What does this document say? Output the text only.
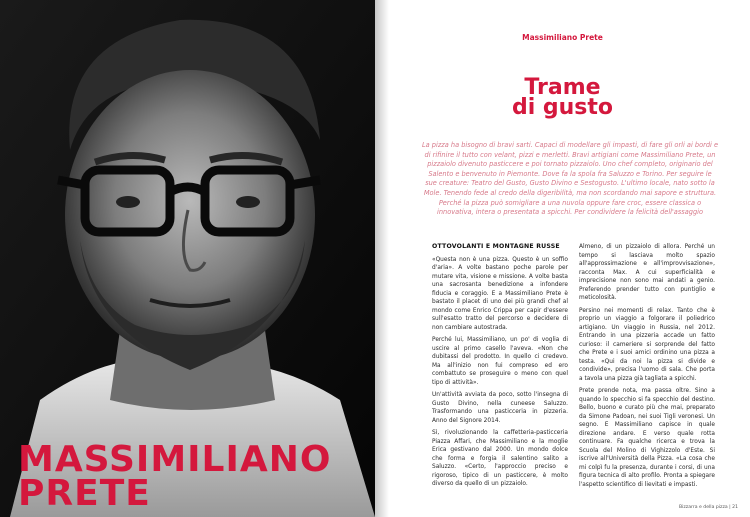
MASSIMILIANO
PRETE
Massimiliano Prete
Trame
di gusto

La pizza ha bisogno di bravi sarti. Capaci di modellare gli impasti, di fare gli orli ai bordi e di rifinire il tutto con velant, pizzi e merletti. Bravi artigiani come Massimiliano Prete, un pizzaiolo divenuto pasticcere e poi tornato pizzaiolo. Uno chef completo, originario del Salento e benvenuto in Piemonte. Dove fa la spola fra Saluzzo e Torino. Per seguire le sue creature: Teatro del Gusto, Gusto Divino e Sestogusto. L'ultimo locale, nato sotto la Mole. Tenendo fede al credo della digeribilità, ma non scordando mai sapore e struttura. Perché la pizza può somigliare a una nuvola oppure fare croc, essere classica o innovativa, intera o presentata a spicchi. Per condividere la felicità dell'assaggio

OTTOVOLANTI E MONTAGNE RUSSE

«Questa non è una pizza. Questo è un soffio d'aria». A volte bastano poche parole per mutare vita, visione e missione. A volte basta una sacrosanta benedizione a infondere fiducia e coraggio. E a Massimiliano Prete è bastato il placet di uno dei più grandi chef al mondo come Enrico Crippa per capir d'essere sull'esatto tratto del percorso e decidere di non cambiare autostrada.

Perché lui, Massimiliano, un po' di voglia di uscire al primo casello l'aveva. «Non che dubitassi del prodotto. In quello ci credevo. Ma all'inizio non fui compreso ed ero combattuto se proseguire o meno con quel tipo di attività».

Un'attività avviata da poco, sotto l'insegna di Gusto Divino, nella cuneese Saluzzo. Trasformando una pasticceria in pizzeria. Anno del Signore 2014.

Sì, rivoluzionando la caffetteria-pasticceria Piazza Affari, che Massimiliano e la moglie Erica gestivano dal 2000. Un mondo dolce che forma e forgia il salentino salito a Saluzzo. «Certo, l'approccio preciso e rigoroso, tipico di un pasticcere, è molto diverso da quello di un pizzaiolo.

Almeno, di un pizzaiolo di allora. Perché un tempo si lasciava molto spazio all'approssimazione e all'improvvisazione», racconta Max. A cui superficialità e imprecisione non sono mai andati a genio. Preferendo prender tutto con puntiglio e meticolosità.

Persino nei momenti di relax. Tanto che è proprio un viaggio a folgorare il poliedrico artigiano. Un viaggio in Russia, nel 2012. Entrando in una pizzeria accade un fatto curioso: il cameriere si sorprende del fatto che Prete e i suoi amici ordinino una pizza a testa. «Qui da noi la pizza si divide e condivide», precisa l'uomo di sala. Che porta a tavola una pizza già tagliata a spicchi.

Prete prende nota, ma passa oltre. Sino a quando lo specchio si fa specchio del destino. Bello, buono e curato più che mai, preparato da Simone Padoan, nei suoi Tigli veronesi. Un segno. E Massimiliano capisce in quale direzione andare. E verso quale rotta continuare. Fa qualche ricerca e trova la Scuola del Molino di Vighizzolo d'Este. Si iscrive all'Università della Pizza. «La cosa che mi colpì fu la presenza, durante i corsi, di una figura tecnica di alto profilo. Pronta a spiegare l'aspetto scientifico di lievitati e impasti.

Bizzarra e della pizza | 21
